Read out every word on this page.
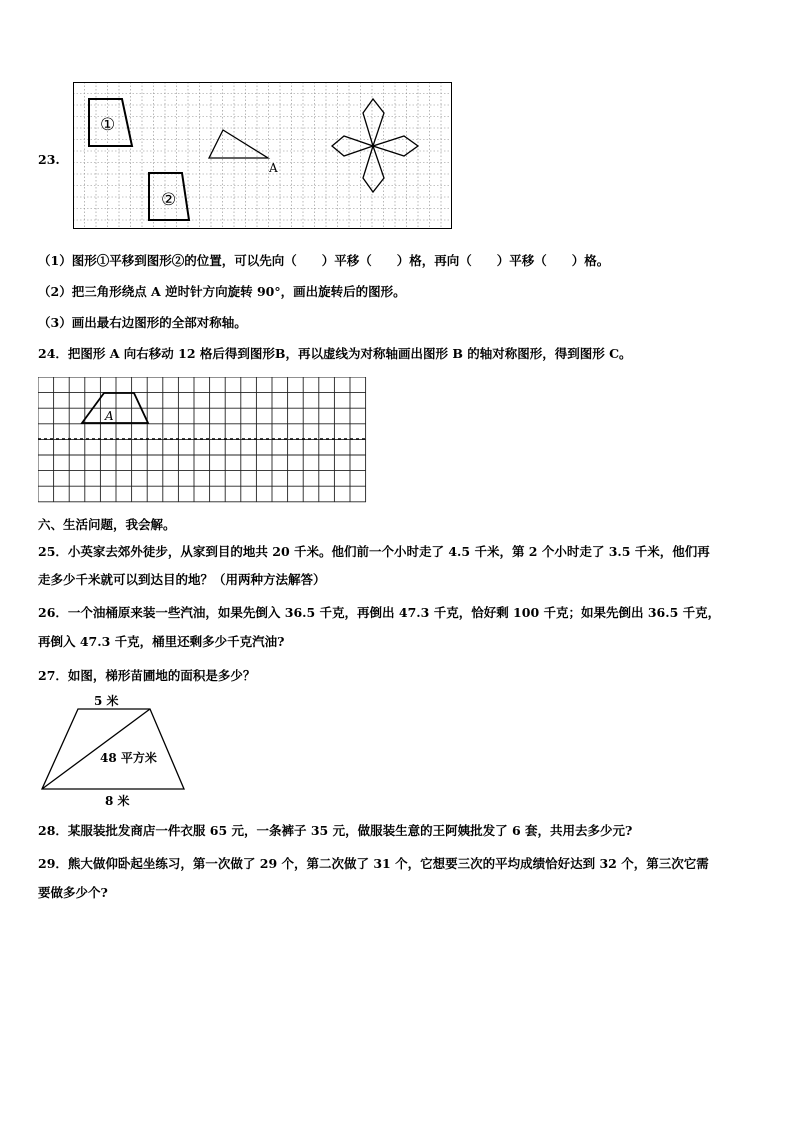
23.
①
②
A
（1）图形①平移到图形②的位置，可以先向（　　）平移（　　）格，再向（　　）平移（　　）格。
（2）把三角形绕点 A 逆时针方向旋转 90°，画出旋转后的图形。
（3）画出最右边图形的全部对称轴。
24．把图形 A 向右移动 12 格后得到图形B，再以虚线为对称轴画出图形 B 的轴对称图形，得到图形 C。
A
六、生活问题，我会解。
25．小英家去郊外徒步，从家到目的地共 20 千米。他们前一个小时走了 4.5 千米，第 2 个小时走了 3.5 千米，他们再
走多少千米就可以到达目的地？（用两种方法解答）
26．一个油桶原来装一些汽油，如果先倒入 36.5 千克，再倒出 47.3 千克，恰好剩 100 千克；如果先倒出 36.5 千克，
再倒入 47.3 千克，桶里还剩多少千克汽油?
27．如图，梯形苗圃地的面积是多少？
5 米
48 平方米
8 米
28．某服装批发商店一件衣服 65 元，一条裤子 35 元，做服装生意的王阿姨批发了 6 套，共用去多少元?
29．熊大做仰卧起坐练习，第一次做了 29 个，第二次做了 31 个，它想要三次的平均成绩恰好达到 32 个，第三次它需
要做多少个?
